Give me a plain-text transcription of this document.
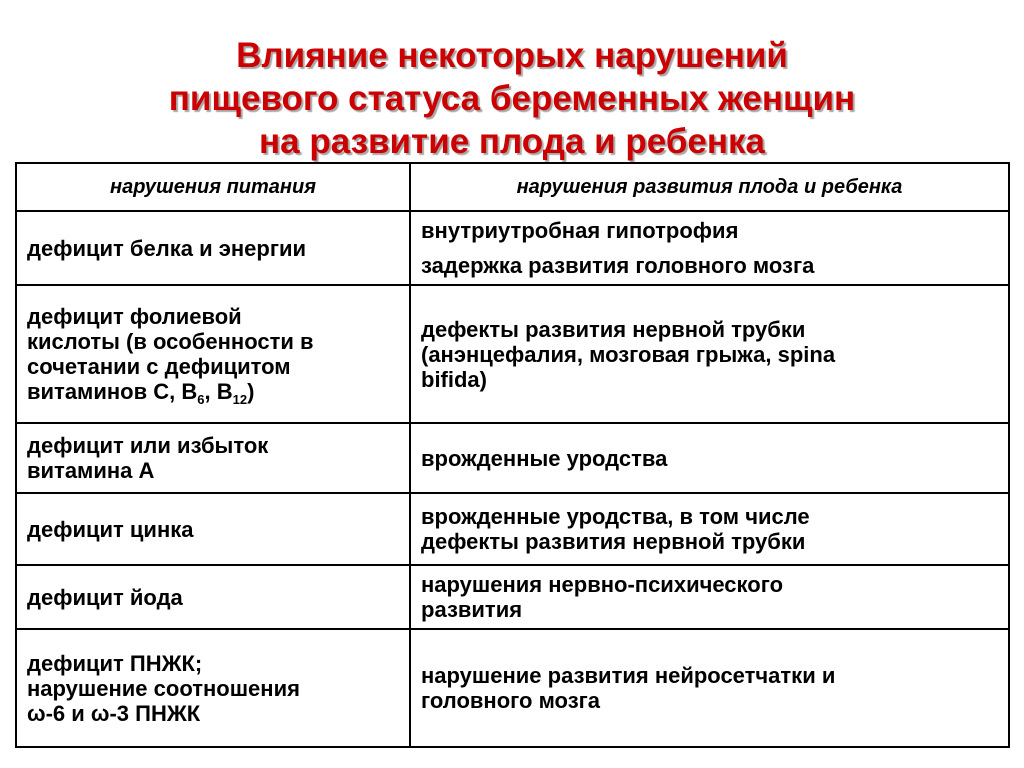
Влияние некоторых нарушений
пищевого статуса беременных женщин
на развитие плода и ребенка
нарушения питания	нарушения развития плода и ребенка

дефицит белка и энергии	внутриутробная гипотрофия
задержка развития головного мозга

дефицит фолиевой
кислоты (в особенности в
сочетании с дефицитом
витаминов С, $В_6$, $В_{12}$)	дефекты развития нервной трубки
(анэнцефалия, мозговая грыжа, spina
bifida)

дефицит или избыток
витамина А	врожденные уродства

дефицит цинка	врожденные уродства, в том числе
дефекты развития нервной трубки

дефицит йода	нарушения нервно-психического
развития

дефицит ПНЖК;
нарушение соотношения
ω-6 и ω-3 ПНЖК	нарушение развития нейросетчатки и
головного мозга
